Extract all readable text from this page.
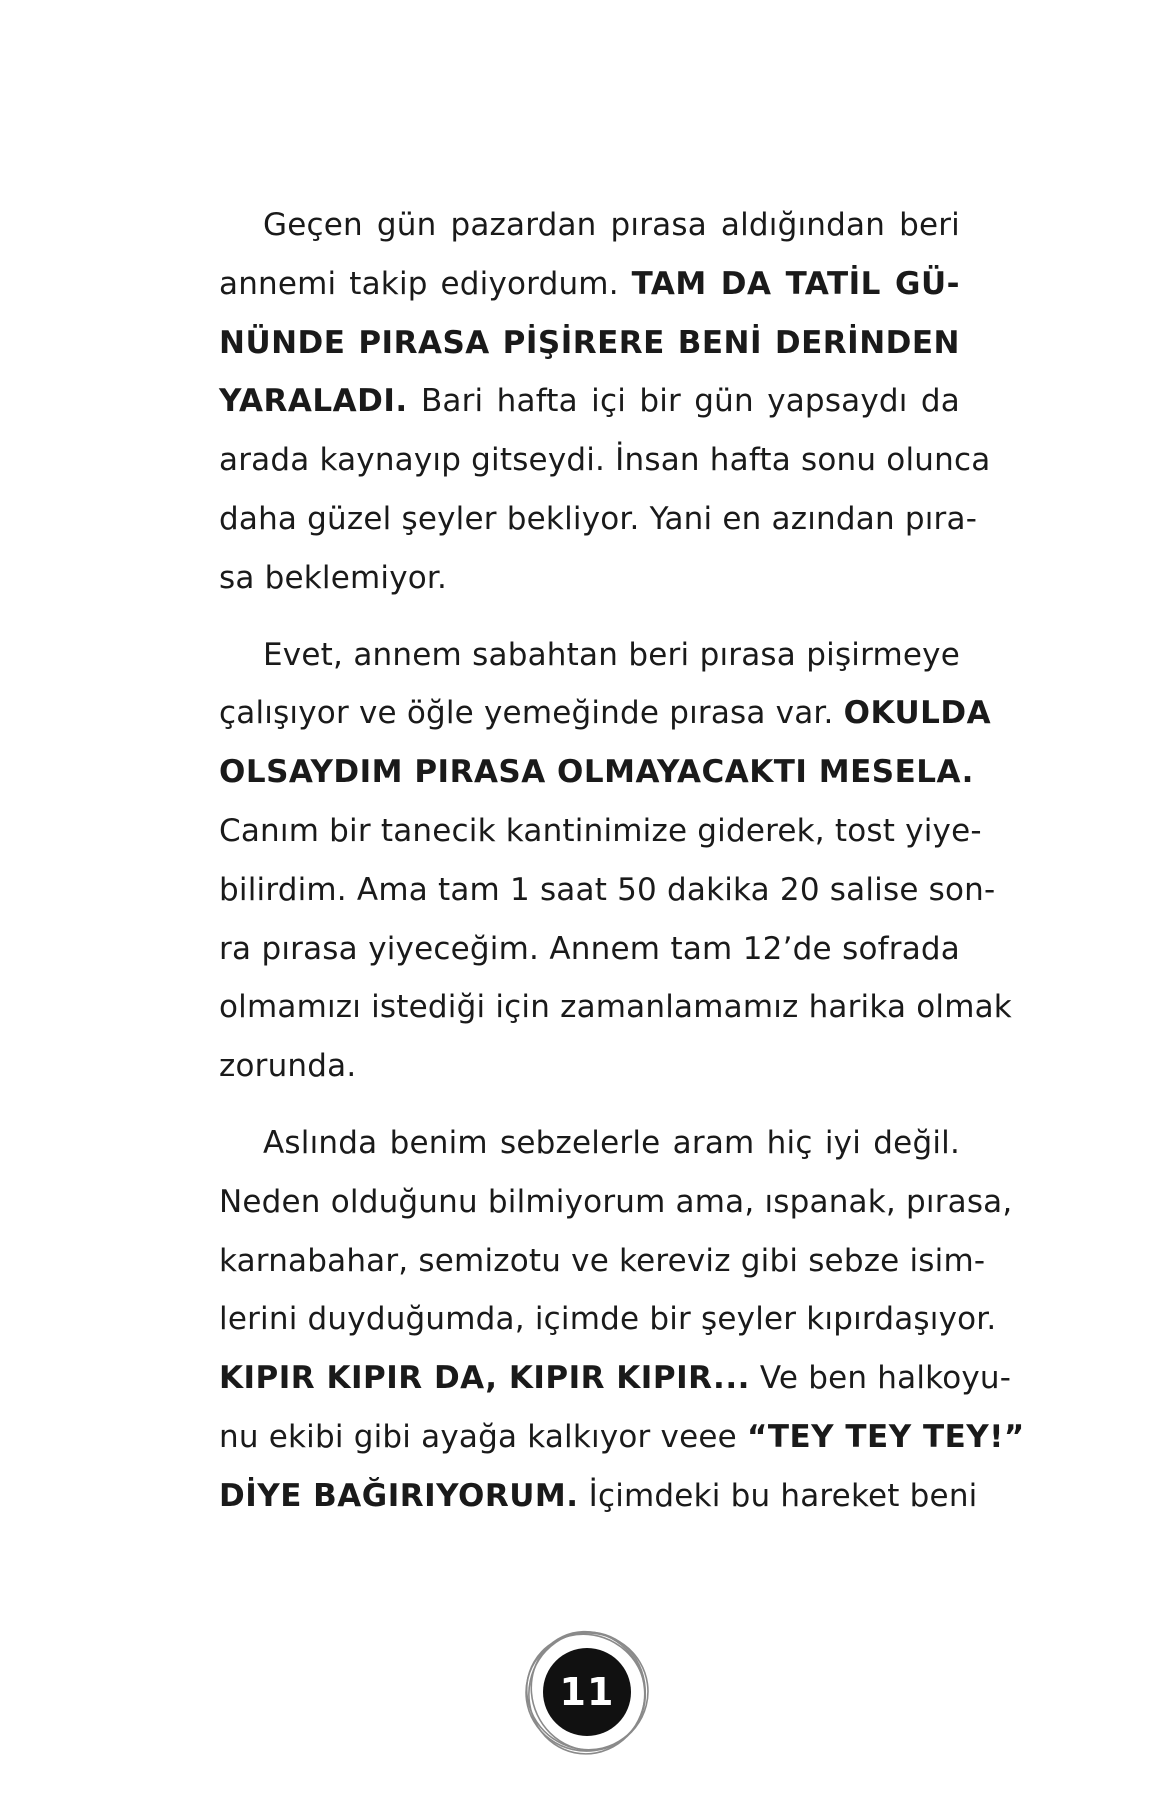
Geçen gün pazardan pırasa aldığından beri
annemi takip ediyordum. TAM DA TATİL GÜ-
NÜNDE PIRASA PİŞİRERE BENİ DERİNDEN
YARALADI. Bari hafta içi bir gün yapsaydı da
arada kaynayıp gitseydi. İnsan hafta sonu olunca
daha güzel şeyler bekliyor. Yani en azından pıra-
sa beklemiyor.

Evet, annem sabahtan beri pırasa pişirmeye
çalışıyor ve öğle yemeğinde pırasa var. OKULDA
OLSAYDIM PIRASA OLMAYACAKTI MESELA.
Canım bir tanecik kantinimize giderek, tost yiye-
bilirdim. Ama tam 1 saat 50 dakika 20 salise son-
ra pırasa yiyeceğim. Annem tam 12’de sofrada
olmamızı istediği için zamanlamamız harika olmak
zorunda.

Aslında benim sebzelerle aram hiç iyi değil.
Neden olduğunu bilmiyorum ama, ıspanak, pırasa,
karnabahar, semizotu ve kereviz gibi sebze isim-
lerini duyduğumda, içimde bir şeyler kıpırdaşıyor.
KIPIR KIPIR DA, KIPIR KIPIR... Ve ben halkoyu-
nu ekibi gibi ayağa kalkıyor veee “TEY TEY TEY!”
DİYE BAĞIRIYORUM. İçimdeki bu hareket beni

11
